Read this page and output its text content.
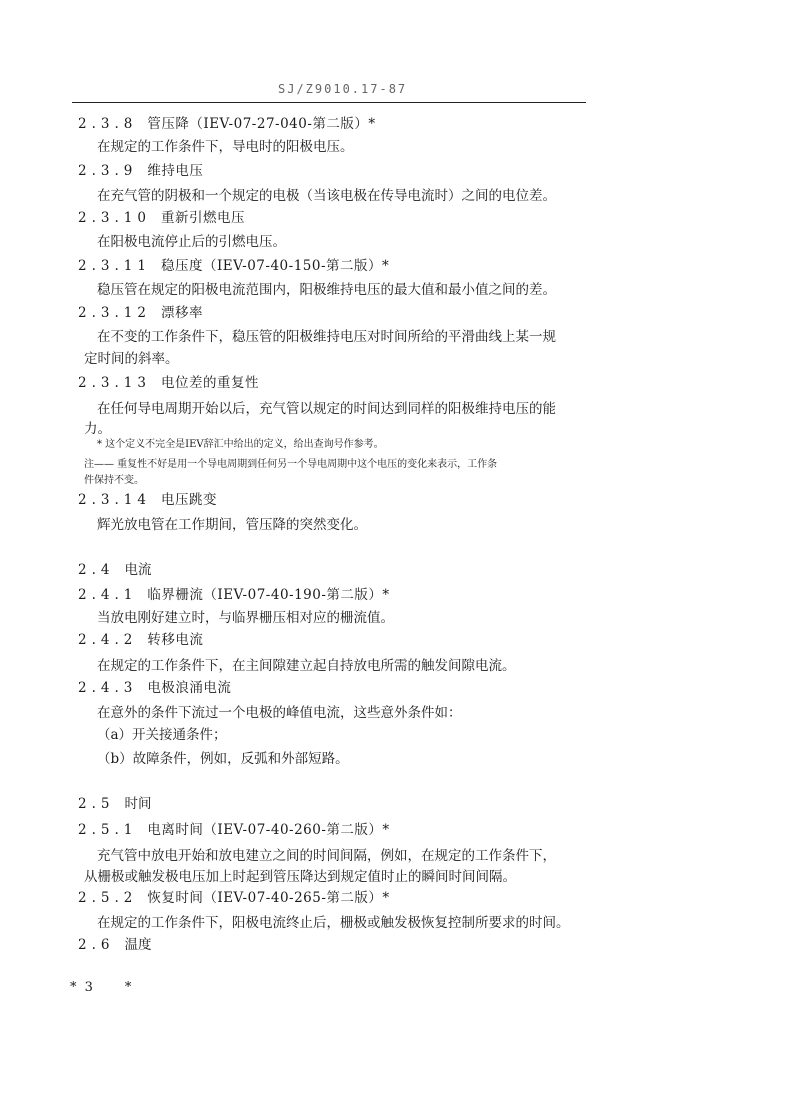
SJ/Z9010.17-87
2.3.8 管压降（IEV-07-27-040-第二版）*
在规定的工作条件下，导电时的阳极电压。
2.3.9 维持电压
在充气管的阴极和一个规定的电极（当该电极在传导电流时）之间的电位差。
2.3.10 重新引燃电压
在阳极电流停止后的引燃电压。
2.3.11 稳压度（IEV-07-40-150-第二版）*
稳压管在规定的阳极电流范围内，阳极维持电压的最大值和最小值之间的差。
2.3.12 漂移率
在不变的工作条件下，稳压管的阳极维持电压对时间所给的平滑曲线上某一规
定时间的斜率。
2.3.13 电位差的重复性
在任何导电周期开始以后，充气管以规定的时间达到同样的阳极维持电压的能
力。
* 这个定义不完全是IEV辞汇中给出的定义，给出查询号作参考。
注—— 重复性不好是用一个导电周期到任何另一个导电周期中这个电压的变化来表示，工作条
件保持不变。
2.3.14 电压跳变
辉光放电管在工作期间，管压降的突然变化。
2.4 电流
2.4.1 临界栅流（IEV-07-40-190-第二版）*
当放电刚好建立时，与临界栅压相对应的栅流值。
2.4.2 转移电流
在规定的工作条件下，在主间隙建立起自持放电所需的触发间隙电流。
2.4.3 电极浪涌电流
在意外的条件下流过一个电极的峰值电流，这些意外条件如：
（a）开关接通条件；
（b）故障条件，例如，反弧和外部短路。
2.5 时间
2.5.1 电离时间（IEV-07-40-260-第二版）*
充气管中放电开始和放电建立之间的时间间隔，例如，在规定的工作条件下，
从栅极或触发极电压加上时起到管压降达到规定值时止的瞬间时间间隔。
2.5.2 恢复时间（IEV-07-40-265-第二版）*
在规定的工作条件下，阳极电流终止后，栅极或触发极恢复控制所要求的时间。
2.6 温度
* 3 *
